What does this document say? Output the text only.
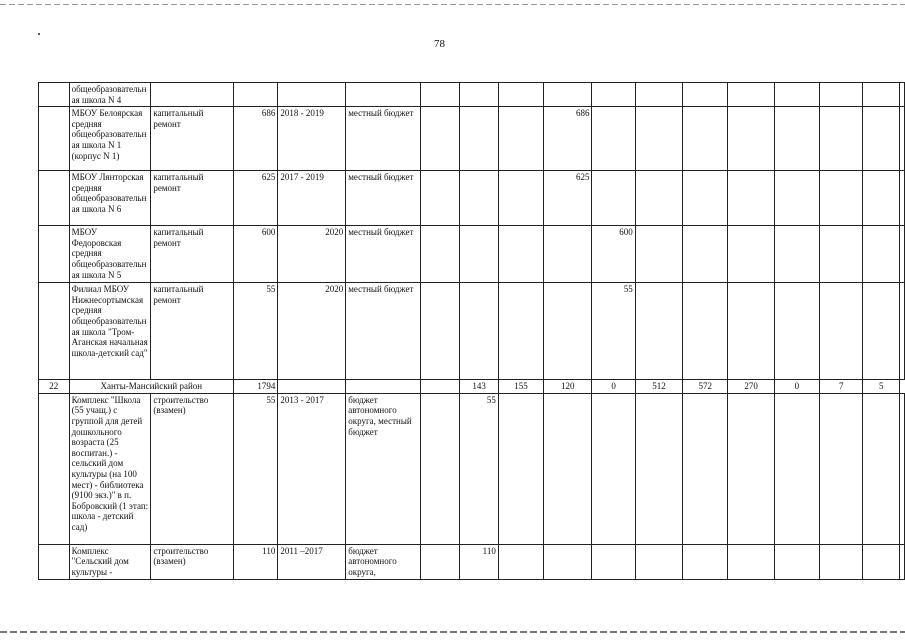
78
	общеобразовательная школа N 4																
	МБОУ Белоярская средняя общеобразовательная школа N 1 (корпус N 1)	капитальный ремонт	686	2018 - 2019	местный бюджет				686								
	МБОУ Лянторская средняя общеобразовательная школа N 6	капитальный ремонт	625	2017 - 2019	местный бюджет				625								
	МБОУ Федоровская средняя общеобразовательная школа N 5	капитальный ремонт	600	2020	местный бюджет					600							
	Филиал МБОУ Нижнесортымская средняя общеобразовательная школа "Тром-Аганская начальная школа-детский сад"	капитальный ремонт	55	2020	местный бюджет					55							
22	Ханты-Мансийский район		1794				143	155	120	0	512	572	270	0	7	5	
	Комплекс "Школа (55 учащ.) с группой для детей дошкольного возраста (25 воспитан.) - сельский дом культуры (на 100 мест) - библиотека (9100 экз.)" в п. Бобровский (1 этап: школа - детский сад)	строительство (взамен)	55	2013 - 2017	бюджет автономного округа, местный бюджет		55										
	Комплекс "Сельский дом культуры -	строительство (взамен)	110	2011 –2017	бюджет автономного округа,		110										
